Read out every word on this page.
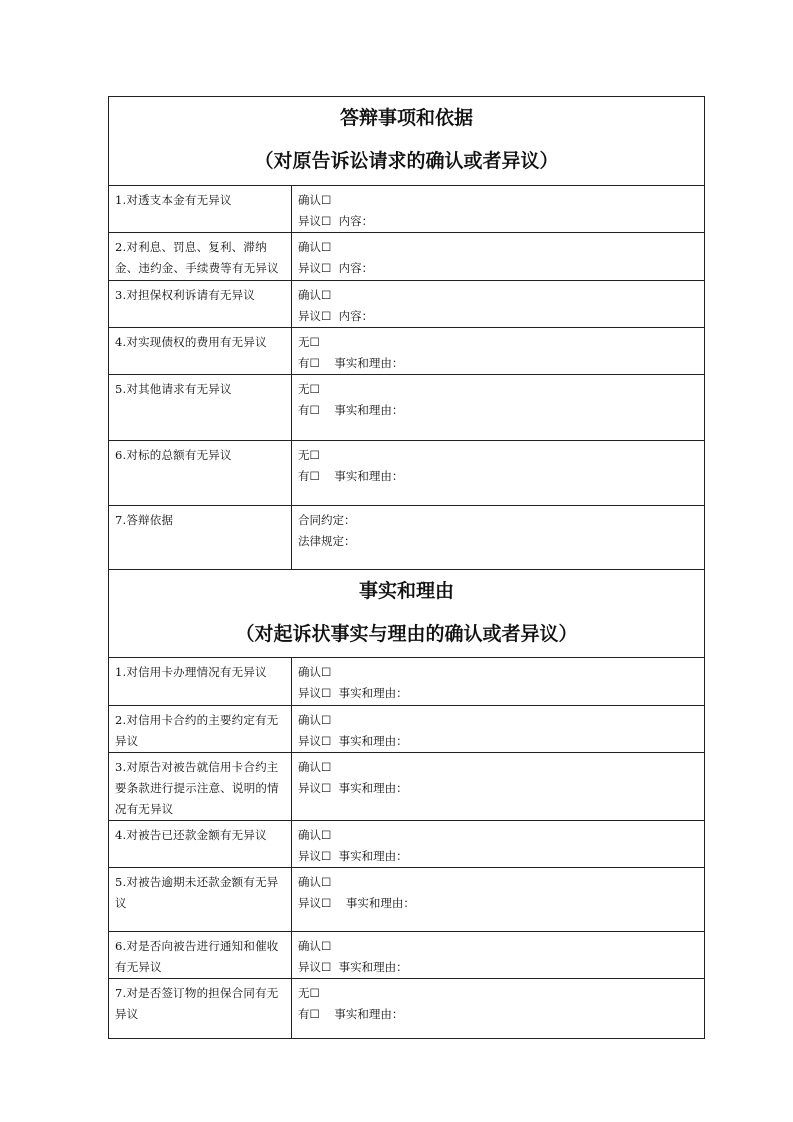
答辩事项和依据
（对原告诉讼请求的确认或者异议）	

1.对透支本金有无异议	确认☐
异议☐  内容：

2.对利息、罚息、复利、滞纳金、违约金、手续费等有无异议	确认☐
异议☐  内容：

3.对担保权利诉请有无异议	确认☐
异议☐  内容：

4.对实现债权的费用有无异议	无☐
有☐    事实和理由：

5.对其他请求有无异议	无☐
有☐    事实和理由：

6.对标的总额有无异议	无☐
有☐    事实和理由：

7.答辩依据	合同约定：
法律规定：

事实和理由
（对起诉状事实与理由的确认或者异议）	

1.对信用卡办理情况有无异议	确认☐
异议☐  事实和理由：

2.对信用卡合约的主要约定有无异议	确认☐
异议☐  事实和理由：

3.对原告对被告就信用卡合约主要条款进行提示注意、说明的情况有无异议	确认☐
异议☐  事实和理由：

4.对被告已还款金额有无异议	确认☐
异议☐  事实和理由：

5.对被告逾期未还款金额有无异议	确认☐
异议☐    事实和理由：

6.对是否向被告进行通知和催收有无异议	确认☐
异议☐  事实和理由：

7.对是否签订物的担保合同有无异议	无☐
有☐    事实和理由：
